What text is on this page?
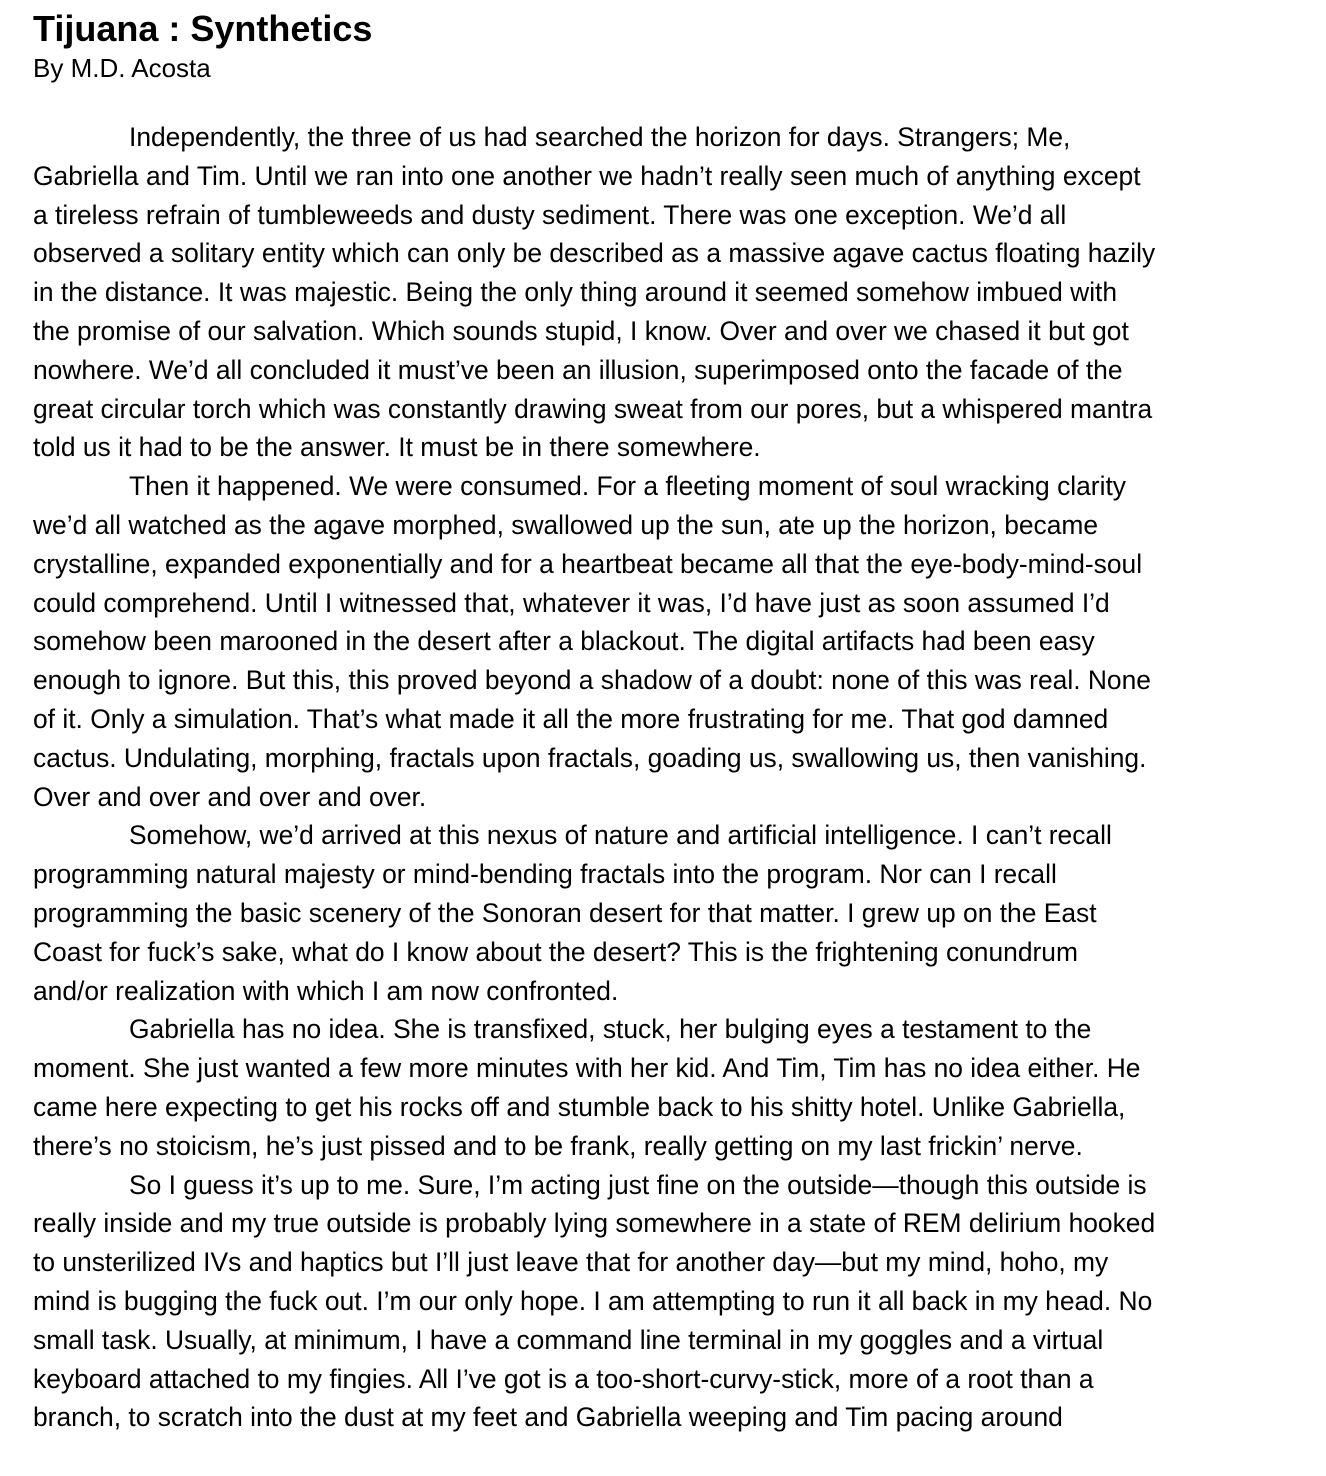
Tijuana : Synthetics
By M.D. Acosta
Independently, the three of us had searched the horizon for days. Strangers; Me,
Gabriella and Tim. Until we ran into one another we hadn’t really seen much of anything except
a tireless refrain of tumbleweeds and dusty sediment. There was one exception. We’d all
observed a solitary entity which can only be described as a massive agave cactus floating hazily
in the distance. It was majestic. Being the only thing around it seemed somehow imbued with
the promise of our salvation. Which sounds stupid, I know. Over and over we chased it but got
nowhere. We’d all concluded it must’ve been an illusion, superimposed onto the facade of the
great circular torch which was constantly drawing sweat from our pores, but a whispered mantra
told us it had to be the answer. It must be in there somewhere.
Then it happened. We were consumed. For a fleeting moment of soul wracking clarity
we’d all watched as the agave morphed, swallowed up the sun, ate up the horizon, became
crystalline, expanded exponentially and for a heartbeat became all that the eye-body-mind-soul
could comprehend. Until I witnessed that, whatever it was, I’d have just as soon assumed I’d
somehow been marooned in the desert after a blackout. The digital artifacts had been easy
enough to ignore. But this, this proved beyond a shadow of a doubt: none of this was real. None
of it. Only a simulation. That’s what made it all the more frustrating for me. That god damned
cactus. Undulating, morphing, fractals upon fractals, goading us, swallowing us, then vanishing.
Over and over and over and over.
Somehow, we’d arrived at this nexus of nature and artificial intelligence. I can’t recall
programming natural majesty or mind-bending fractals into the program. Nor can I recall
programming the basic scenery of the Sonoran desert for that matter. I grew up on the East
Coast for fuck’s sake, what do I know about the desert? This is the frightening conundrum
and/or realization with which I am now confronted.
Gabriella has no idea. She is transfixed, stuck, her bulging eyes a testament to the
moment. She just wanted a few more minutes with her kid. And Tim, Tim has no idea either. He
came here expecting to get his rocks off and stumble back to his shitty hotel. Unlike Gabriella,
there’s no stoicism, he’s just pissed and to be frank, really getting on my last frickin’ nerve.
So I guess it’s up to me. Sure, I’m acting just fine on the outside—though this outside is
really inside and my true outside is probably lying somewhere in a state of REM delirium hooked
to unsterilized IVs and haptics but I’ll just leave that for another day—but my mind, hoho, my
mind is bugging the fuck out. I’m our only hope. I am attempting to run it all back in my head. No
small task. Usually, at minimum, I have a command line terminal in my goggles and a virtual
keyboard attached to my fingies. All I’ve got is a too-short-curvy-stick, more of a root than a
branch, to scratch into the dust at my feet and Gabriella weeping and Tim pacing around
